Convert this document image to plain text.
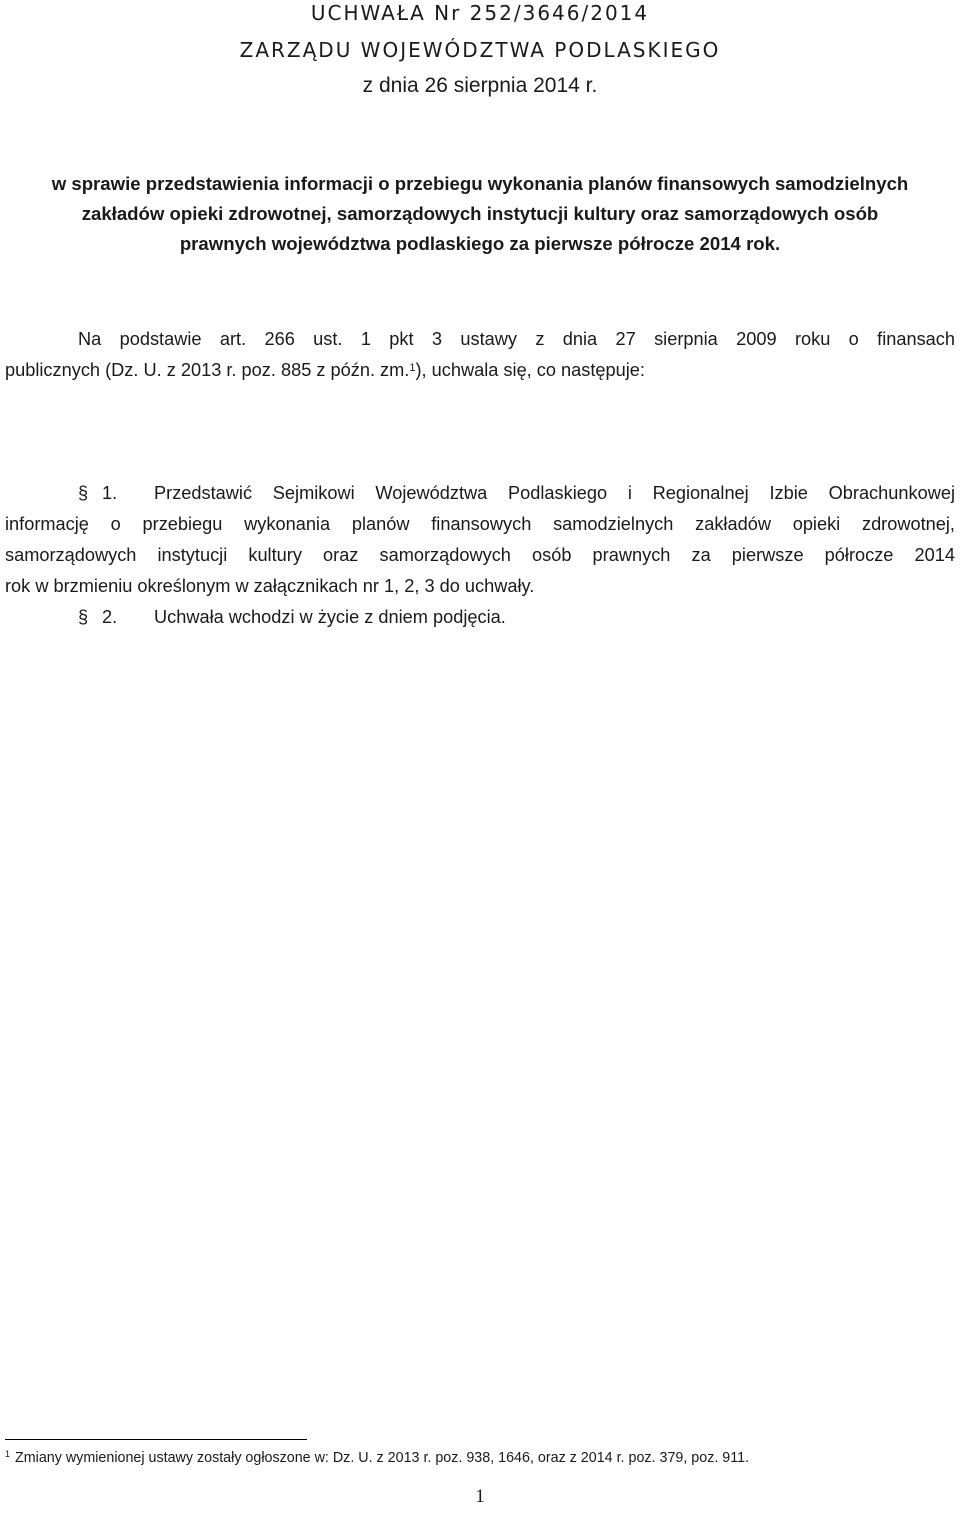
UCHWAŁA Nr 252/3646/2014
ZARZĄDU WOJEWÓDZTWA PODLASKIEGO
z dnia 26 sierpnia 2014 r.
w sprawie przedstawienia informacji o przebiegu wykonania planów finansowych samodzielnych
zakładów opieki zdrowotnej, samorządowych instytucji kultury oraz samorządowych osób
prawnych województwa podlaskiego za pierwsze półrocze 2014 rok.
Na podstawie art. 266 ust. 1 pkt 3 ustawy z dnia 27 sierpnia 2009 roku o finansach
publicznych (Dz. U. z 2013 r. poz. 885 z późn. zm.$^1$), uchwala się, co następuje:
§ 1. Przedstawić Sejmikowi Województwa Podlaskiego i Regionalnej Izbie Obrachunkowej
informację o przebiegu wykonania planów finansowych samodzielnych zakładów opieki zdrowotnej,
samorządowych instytucji kultury oraz samorządowych osób prawnych za pierwsze półrocze 2014
rok w brzmieniu określonym w załącznikach nr 1, 2, 3 do uchwały.
§ 2. Uchwała wchodzi w życie z dniem podjęcia.
$^1$ Zmiany wymienionej ustawy zostały ogłoszone w: Dz. U. z 2013 r. poz. 938, 1646, oraz z 2014 r. poz. 379, poz. 911.
1
